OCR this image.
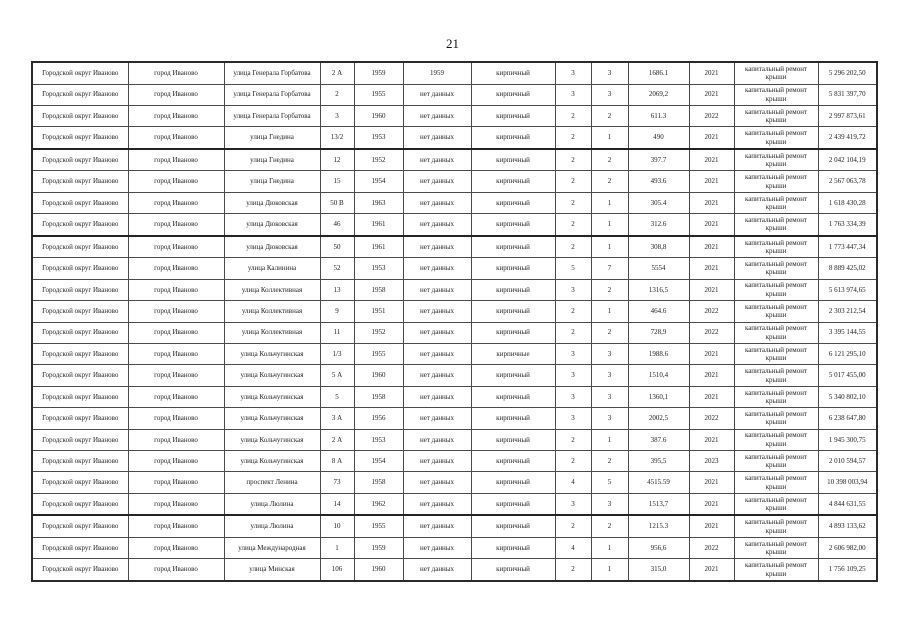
21
Городской округ Иваново	город Иваново	улица Генерала Горбатова	2 А	1959	1959	кирпичный	3	3	1686.1	2021	капитальный ремонт крыши	5 296 202,50
Городской округ Иваново	город Иваново	улица Генерала Горбатова	2	1955	нет данных	кирпичный	3	3	2069,2	2021	капитальный ремонт крыши	5 831 397,70
Городской округ Иваново	город Иваново	улица Генерала Горбатова	3	1960	нет данных	кирпичный	2	2	611.3	2022	капитальный ремонт крыши	2 997 873,61
Городской округ Иваново	город Иваново	улица Гнедина	13/2	1953	нет данных	кирпичный	2	1	490	2021	капитальный ремонт крыши	2 439 419,72
Городской округ Иваново	город Иваново	улица Гнедина	12	1952	нет данных	кирпичный	2	2	397.7	2021	капитальный ремонт крыши	2 042 104,19
Городской округ Иваново	город Иваново	улица Гнедина	15	1954	нет данных	кирпичный	2	2	493.6	2021	капитальный ремонт крыши	2 567 063,78
Городской округ Иваново	город Иваново	улица Дюковская	50 В	1963	нет данных	кирпичный	2	1	305.4	2021	капитальный ремонт крыши	1 618 430,28
Городской округ Иваново	город Иваново	улица Дюковская	46	1961	нет данных	кирпичный	2	1	312.6	2021	капитальный ремонт крыши	1 763 334,39
Городской округ Иваново	город Иваново	улица Дюковская	50	1961	нет данных	кирпичный	2	1	308,8	2021	капитальный ремонт крыши	1 773 447,34
Городской округ Иваново	город Иваново	улица Калинина	52	1953	нет данных	кирпичный	5	7	5554	2021	капитальный ремонт крыши	8 889 425,02
Городской округ Иваново	город Иваново	улица Коллективная	13	1958	нет данных	кирпичный	3	2	1316,5	2021	капитальный ремонт крыши	5 613 974,65
Городской округ Иваново	город Иваново	улица Коллективная	9	1951	нет данных	кирпичный	2	1	464.6	2022	капитальный ремонт крыши	2 303 212,54
Городской округ Иваново	город Иваново	улица Коллективная	11	1952	нет данных	кирпичный	2	2	728,9	2022	капитальный ремонт крыши	3 395 144,55
Городской округ Иваново	город Иваново	улица Кольчугинская	1/3	1955	нет данных	кирпичные	3	3	1988.6	2021	капитальный ремонт крыши	6 121 295,10
Городской округ Иваново	город Иваново	улица Кольчугинская	5 А	1960	нет данных	кирпичный	3	3	1510,4	2021	капитальный ремонт крыши	5 017 455,00
Городской округ Иваново	город Иваново	улица Кольчугинская	5	1958	нет данных	кирпичный	3	3	1360,1	2021	капитальный ремонт крыши	5 340 802,10
Городской округ Иваново	город Иваново	улица Кольчугинская	3 А	1956	нет данных	кирпичный	3	3	2002,5	2022	капитальный ремонт крыши	6 238 647,80
Городской округ Иваново	город Иваново	улица Кольчугинская	2 А	1953	нет данных	кирпичный	2	1	387.6	2021	капитальный ремонт крыши	1 945 300,75
Городской округ Иваново	город Иваново	улица Кольчугинская	8 А	1954	нет данных	кирпичный	2	2	395,5	2023	капитальный ремонт крыши	2 010 594,57
Городской округ Иваново	город Иваново	проспект Ленина	73	1958	нет данных	кирпичный	4	5	4515.59	2021	капитальный ремонт крыши	10 398 003,94
Городской округ Иваново	город Иваново	улица Люлина	14	1962	нет данных	кирпичный	3	3	1513,7	2021	капитальный ремонт крыши	4 844 631,55
Городской округ Иваново	город Иваново	улица Люлина	10	1955	нет данных	кирпичный	2	2	1215.3	2021	капитальный ремонт крыши	4 893 133,62
Городской округ Иваново	город Иваново	улица Международная	1	1959	нет данных	кирпичный	4	1	956,6	2022	капитальный ремонт крыши	2 606 982,00
Городской округ Иваново	город Иваново	улица Минская	106	1960	нет данных	кирпичный	2	1	315,0	2021	капитальный ремонт крыши	1 756 109,25
